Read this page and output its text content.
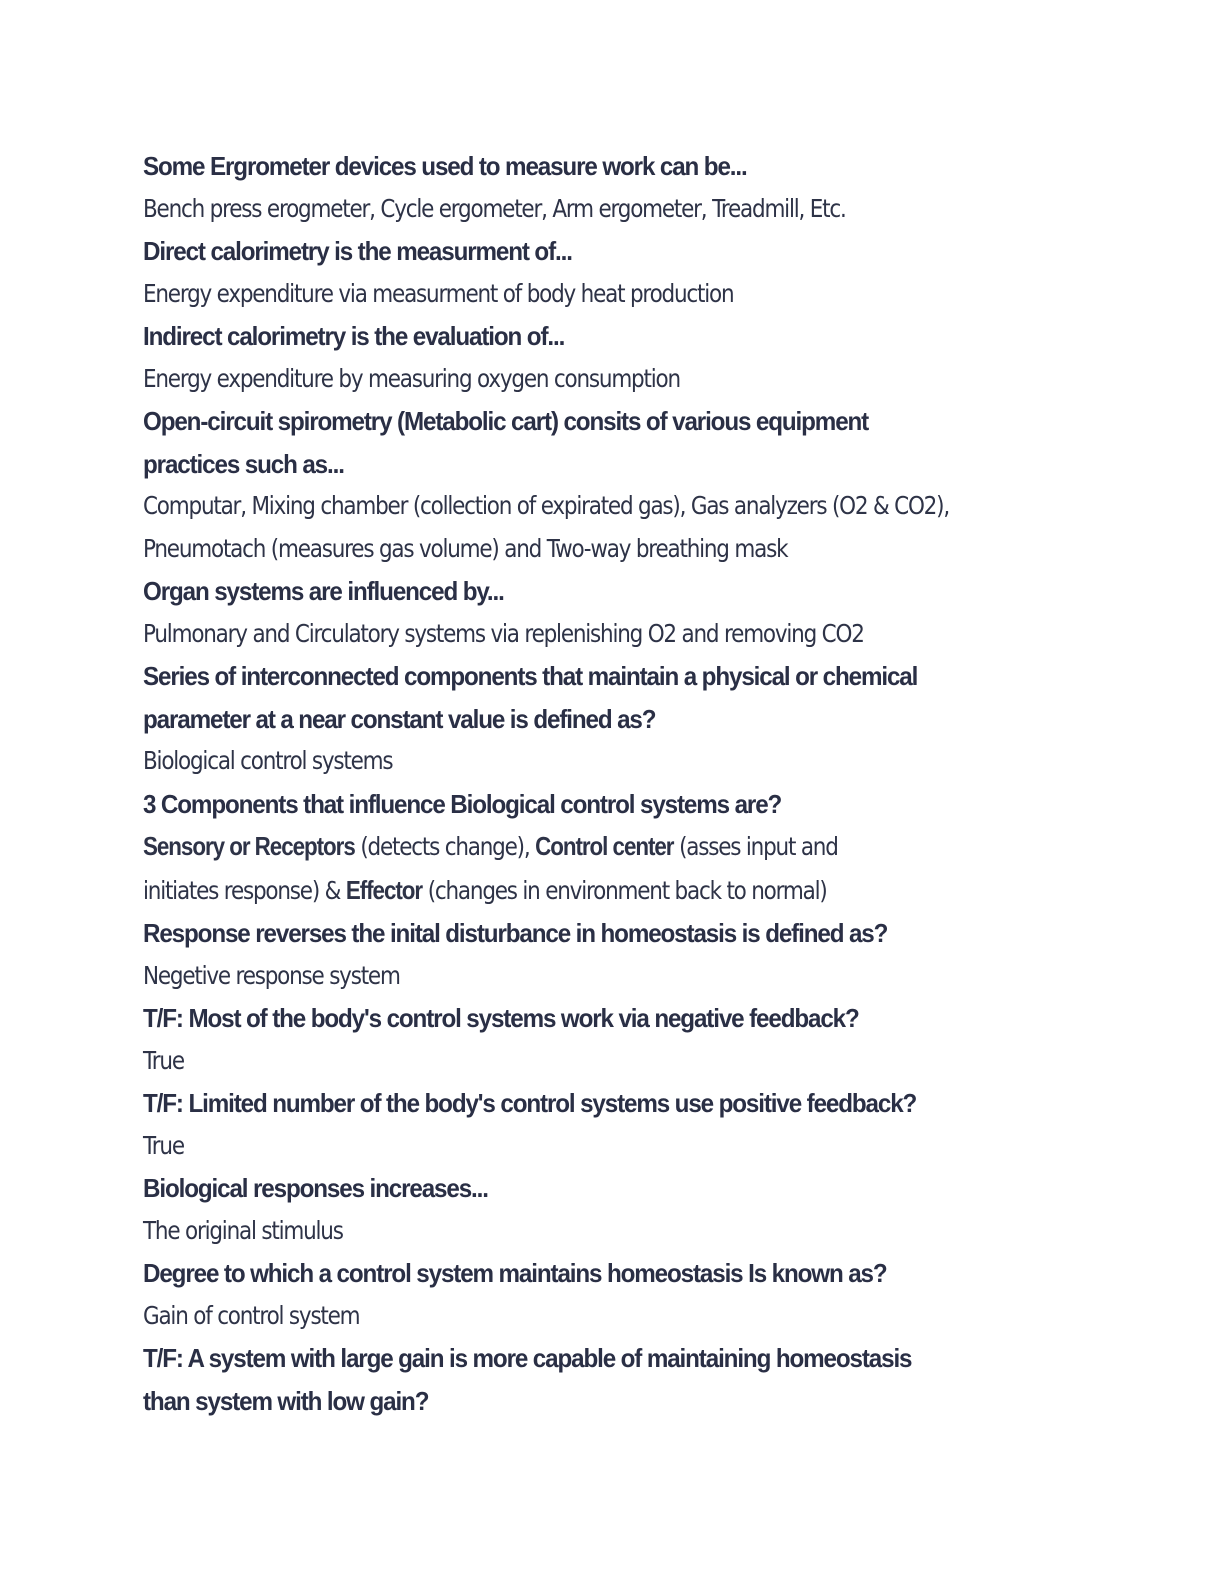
Some Ergrometer devices used to measure work can be...

Bench press erogmeter, Cycle ergometer, Arm ergometer, Treadmill, Etc.

Direct calorimetry is the measurment of...

Energy expenditure via measurment of body heat production

Indirect calorimetry is the evaluation of...

Energy expenditure by measuring oxygen consumption

Open-circuit spirometry (Metabolic cart) consits of various equipment

practices such as...

Computar, Mixing chamber (collection of expirated gas), Gas analyzers (O2 & CO2),

Pneumotach (measures gas volume) and Two-way breathing mask

Organ systems are influenced by...

Pulmonary and Circulatory systems via replenishing O2 and removing CO2

Series of interconnected components that maintain a physical or chemical

parameter at a near constant value is defined as?

Biological control systems

3 Components that influence Biological control systems are?

Sensory or Receptors (detects change), Control center (asses input and

initiates response) & Effector (changes in environment back to normal)

Response reverses the inital disturbance in homeostasis is defined as?

Negetive response system

T/F: Most of the body's control systems work via negative feedback?

True

T/F: Limited number of the body's control systems use positive feedback?

True

Biological responses increases...

The original stimulus

Degree to which a control system maintains homeostasis Is known as?

Gain of control system

T/F: A system with large gain is more capable of maintaining homeostasis

than system with low gain?
